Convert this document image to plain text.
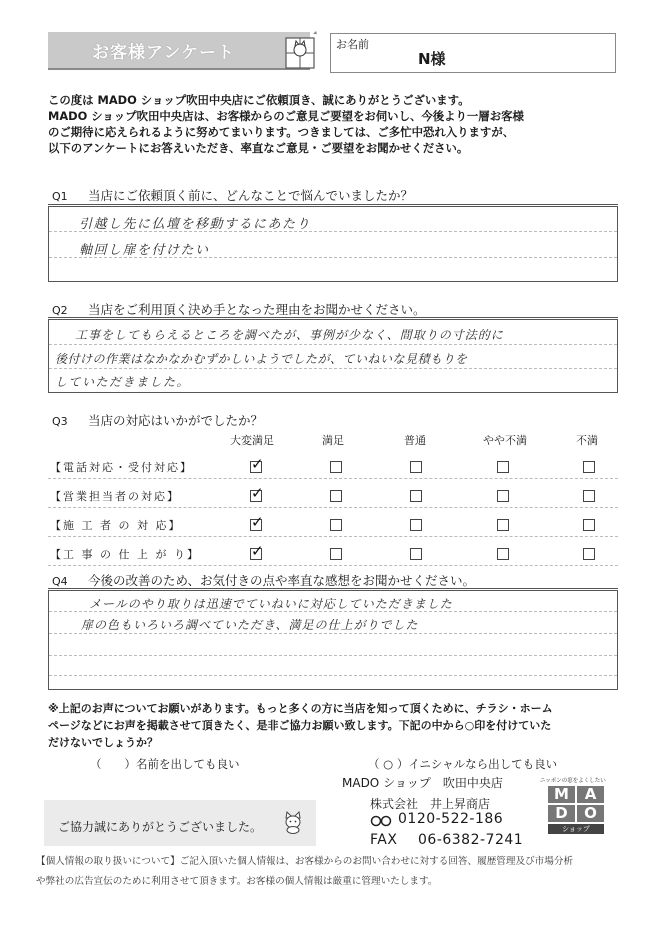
お客様アンケート	お名前
N様
この度は MADO ショップ吹田中央店にご依頼頂き、誠にありがとうございます。
MADO ショップ吹田中央店は、お客様からのご意見ご要望をお伺いし、今後より一層お客様
のご期待に応えられるように努めてまいります。つきましては、ご多忙中恐れ入りますが、
以下のアンケートにお答えいただき、率直なご意見・ご要望をお聞かせください。
Q1 当店にご依頼頂く前に、どんなことで悩んでいましたか？
引越し先に仏壇を移動するにあたり
軸回し扉を付けたい
Q2 当店をご利用頂く決め手となった理由をお聞かせください。
工事をしてもらえるところを調べたが、事例が少なく、間取りの寸法的に
後付けの作業はなかなかむずかしいようでしたが、ていねいな見積もりを
していただきました。
Q3 当店の対応はいかがでしたか？
大変満足	満足	普通	やや不満	不満
【電話対応・受付対応】	✓
【営業担当者の対応】	✓
【施 工 者 の 対 応】	✓
【工 事 の 仕 上 が り】	✓
Q4 今後の改善のため、お気付きの点や率直な感想をお聞かせください。
メールのやり取りは迅速でていねいに対応していただきました
扉の色もいろいろ調べていただき、満足の仕上がりでした
※上記のお声についてお願いがあります。もっと多くの方に当店を知って頂くために、チラシ・ホーム
ページなどにお声を掲載させて頂きたく、是非ご協力お願い致します。下記の中から○印を付けていた
だけないでしょうか？
（　　）名前を出しても良い	（ ○ ）イニシャルなら出しても良い
MADO ショップ　吹田中央店
株式会社　井上昇商店
0120-522-186
FAX 06-6382-7241
ニッポンの窓をよくしたい
M	A
D	O
ショップ
ご協力誠にありがとうございました。
【個人情報の取り扱いについて】ご記入頂いた個人情報は、お客様からのお問い合わせに対する回答、履歴管理及び市場分析
や弊社の広告宣伝のために利用させて頂きます。お客様の個人情報は厳重に管理いたします。
